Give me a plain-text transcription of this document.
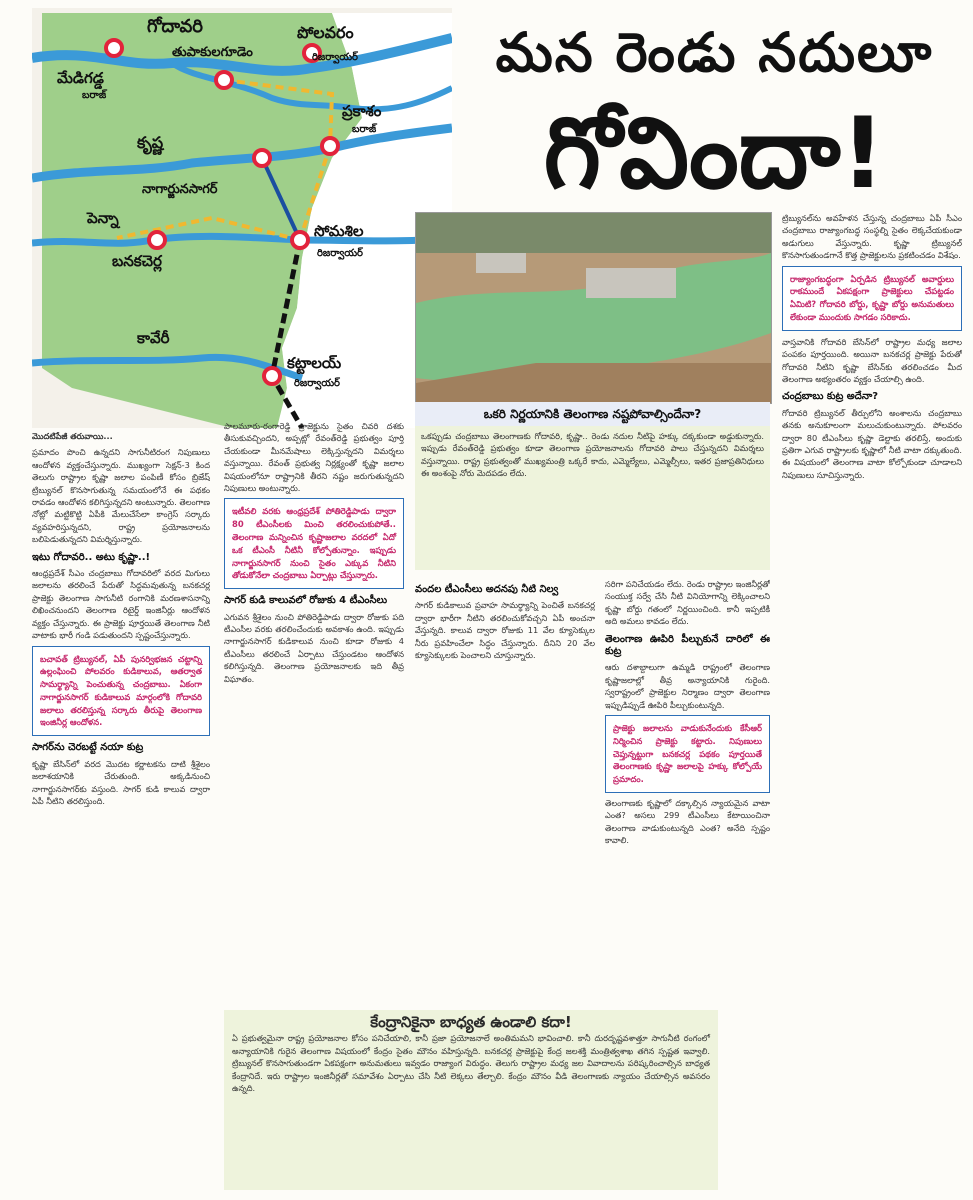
గోదావరి
తుపాకులగూడెం
పోలవరం
రిజర్వాయర్
మేడిగడ్డ
బరాజ్
ప్రకాశం
బరాజ్
కృష్ణ
నాగార్జునసాగర్
పెన్నా
సోమశిల
రిజర్వాయర్
బనకచెర్ల
కావేరీ
కట్టాలయ్
రిజర్వాయర్
మన రెండు నదులూ
గోవిందా!
ఒకరి నిర్ణయానికి తెలంగాణ నష్టపోవాల్సిందేనా?

ఒకప్పుడు చంద్రబాబు తెలంగాణకు గోదావరి, కృష్ణా.. రెండు నదుల నీటిపై హక్కు దక్కకుండా అడ్డుకున్నారు. ఇప్పుడు రేవంత్‌రెడ్డి ప్రభుత్వం కూడా తెలంగాణ ప్రయోజనాలను గోదావరి పాలు చేస్తున్నదని విమర్శలు వస్తున్నాయి. రాష్ట్ర ప్రభుత్వంతో ముఖ్యమంత్రి ఒక్కరే కాదు, ఎమ్మెల్యేలు, ఎమ్మెల్సీలు, ఇతర ప్రజాప్రతినిధులు ఈ అంశంపై నోరు మెదపడం లేదు.

మొదటిపేజీ తరువాయి...

ప్రమాదం పొంచి ఉన్నదని సాగునీటిరంగ నిపుణులు ఆందోళన వ్యక్తంచేస్తున్నారు. ముఖ్యంగా సెక్షన్-3 కింద తెలుగు రాష్ట్రాల కృష్ణా జలాల పంపిణీ కోసం బ్రిజేష్ ట్రిబ్యునల్ కొనసాగుతున్న సమయంలోనే ఈ పథకం రావడం ఆందోళన కలిగిస్తున్నదని అంటున్నారు. తెలంగాణ నోట్లో మట్టికొట్టి ఏపీకి మేలుచేసేలా కాంగ్రెస్ సర్కారు వ్యవహరిస్తున్నదని, రాష్ట్ర ప్రయోజనాలను బలిపెడుతున్నదని విమర్శిస్తున్నారు.

ఇటు గోదావరి.. అటు కృష్ణా..!

ఆంధ్రప్రదేశ్ సీఎం చంద్రబాబు గోదావరిలో వరద మిగులు జలాలను తరలించే పేరుతో సిద్ధమవుతున్న బనకచర్ల ప్రాజెక్టు తెలంగాణ సాగునీటి రంగానికి మరణశాసనాన్ని లిఖించనుందని తెలంగాణ రిటైర్డ్ ఇంజినీర్లు ఆందోళన వ్యక్తం చేస్తున్నారు. ఈ ప్రాజెక్టు పూర్తయితే తెలంగాణ నీటి వాటాకు భారీ గండి పడుతుందని స్పష్టంచేస్తున్నారు.

బచావత్ ట్రిబ్యునల్, ఏపీ పునర్విభజన చట్టాన్ని ఉల్లంఘించి పోలవరం కుడికాలువ, ఆతర్వాత సామర్థ్యాన్ని పెంచుతున్న చంద్రబాబు. ఏకంగా నాగార్జునసాగర్ కుడికాలువ మార్గంలోకి గోదావరి జలాలు తరలిస్తున్న సర్కారు తీరుపై తెలంగాణ ఇంజినీర్ల ఆందోళన.
సాగర్‌ను చెరబట్టే నయా కుట్ర

కృష్ణా బేసిన్‌లో వరద మొదట కర్ణాటకను దాటి శ్రీశైలం జలాశయానికి చేరుతుంది. అక్కడినుంచి నాగార్జునసాగర్‌కు వస్తుంది. సాగర్ కుడి కాలువ ద్వారా ఏపీ నీటిని తరలిస్తుంది.

పాలమూరు-రంగారెడ్డి ప్రాజెక్టును సైతం చివరి దశకు తీసుకువచ్చిందని, అప్పట్లో రేవంత్‌రెడ్డి ప్రభుత్వం పూర్తి చేయకుండా మీనమేషాలు లెక్కిస్తున్నదని విమర్శలు వస్తున్నాయి. రేవంత్ ప్రభుత్వ నిర్లక్ష్యంతో కృష్ణా జలాల విషయంలోనూ రాష్ట్రానికి తీరని నష్టం జరుగుతున్నదని నిపుణులు అంటున్నారు.

ఇటీవలి వరకు ఆంధ్రప్రదేశ్ పోతిరెడ్డిపాడు ద్వారా 80 టీఎంసీలకు మించి తరలించుకుపోతే.. తెలంగాణ మన్నించిన కృష్ణాజలాల వరదలో ఏదో ఒక టీఎంసీ నీటినీ కోల్పోతున్నాం. ఇప్పుడు నాగార్జునసాగర్ నుంచి సైతం ఎక్కువ నీటిని తోడుకోనేలా చంద్రబాబు ఏర్పాట్లు చేస్తున్నారు.
సాగర్ కుడి కాలువలో రోజుకు 4 టీఎంసీలు

ఎగువన శ్రీశైలం నుంచి పోతిరెడ్డిపాడు ద్వారా రోజుకు పది టీఎంసీల వరకు తరలించేందుకు అవకాశం ఉంది. ఇప్పుడు నాగార్జునసాగర్ కుడికాలువ నుంచి కూడా రోజుకు 4 టీఎంసీలు తరలించే ఏర్పాటు చేస్తుండటం ఆందోళన కలిగిస్తున్నది. తెలంగాణ ప్రయోజనాలకు ఇది తీవ్ర విఘాతం.

వందల టీఎంసీలు అదనపు నీటి నిల్వ

సాగర్ కుడికాలువ ప్రవాహ సామర్థ్యాన్ని పెంచితే బనకచర్ల ద్వారా భారీగా నీటిని తరలించుకోవచ్చని ఏపీ అంచనా వేస్తున్నది. కాలువ ద్వారా రోజుకు 11 వేల క్యూసెక్కుల నీరు ప్రవహించేలా సిద్ధం చేస్తున్నారు. దీనిని 20 వేల క్యూసెక్కులకు పెంచాలని చూస్తున్నారు.

సరిగా పనిచేయడం లేదు. రెండు రాష్ట్రాల ఇంజినీర్లతో సంయుక్త సర్వే చేసి నీటి వినియోగాన్ని లెక్కించాలని కృష్ణా బోర్డు గతంలో నిర్ణయించింది. కానీ ఇప్పటికీ అది అమలు కావడం లేదు.

తెలంగాణ ఊపిరి పీల్చుకునే దారిలో ఈ కుట్ర

ఆరు దశాబ్దాలుగా ఉమ్మడి రాష్ట్రంలో తెలంగాణ కృష్ణాజలాల్లో తీవ్ర అన్యాయానికి గురైంది. స్వరాష్ట్రంలో ప్రాజెక్టుల నిర్మాణం ద్వారా తెలంగాణ ఇప్పుడిప్పుడే ఊపిరి పీల్చుకుంటున్నది.

ప్రాజెక్టు జలాలను వాడుకునేందుకు కేసీఆర్ నిర్మించిన ప్రాజెక్టు కట్టారు. నిపుణులు చెప్తున్నట్టుగా బనకచర్ల పథకం పూర్తయితే తెలంగాణకు కృష్ణా జలాలపై హక్కు కోల్పోయే ప్రమాదం.

తెలంగాణకు కృష్ణాలో దక్కాల్సిన న్యాయమైన వాటా ఎంత? అసలు 299 టీఎంసీలు కేటాయించినా తెలంగాణ వాడుకుంటున్నది ఎంత? అనేది స్పష్టం కావాలి.

ట్రిబ్యునల్‌ను అవహేళన చేస్తున్న చంద్రబాబు ఏపీ సీఎం చంద్రబాబు రాజ్యాంగబద్ధ సంస్థల్ని సైతం లెక్కచేయకుండా అడుగులు వేస్తున్నారు. కృష్ణా ట్రిబ్యునల్ కొనసాగుతుండగానే కొత్త ప్రాజెక్టులను ప్రకటించడం విశేషం.

రాజ్యాంగబద్ధంగా ఏర్పడిన ట్రిబ్యునల్ అవార్డులు రాకముందే ఏకపక్షంగా ప్రాజెక్టులు చేపట్టడం ఏమిటి? గోదావరి బోర్డు, కృష్ణా బోర్డు అనుమతులు లేకుండా ముందుకు సాగడం సరికాదు.

వాస్తవానికి గోదావరి బేసిన్‌లో రాష్ట్రాల మధ్య జలాల పంపకం పూర్తయింది. అయినా బనకచర్ల ప్రాజెక్టు పేరుతో గోదావరి నీటిని కృష్ణా బేసిన్‌కు తరలించడం మీద తెలంగాణ అభ్యంతరం వ్యక్తం చేయాల్సి ఉంది.

చంద్రబాబు కుట్ర అదేనా?

గోదావరి ట్రిబ్యునల్ తీర్పులోని అంశాలను చంద్రబాబు తనకు అనుకూలంగా మలుచుకుంటున్నారు. పోలవరం ద్వారా 80 టీఎంసీలు కృష్ణా డెల్టాకు తరలిస్తే, అందుకు ప్రతిగా ఎగువ రాష్ట్రాలకు కృష్ణాలో నీటి వాటా దక్కుతుంది. ఈ విషయంలో తెలంగాణ వాటా కోల్పోకుండా చూడాలని నిపుణులు సూచిస్తున్నారు.

కేంద్రానికైనా బాధ్యత ఉండాలి కదా!

ఏ ప్రభుత్వమైనా రాష్ట్ర ప్రయోజనాల కోసం పనిచేయాలి, కానీ ప్రజా ప్రయోజనాలే అంతిమమని భావించాలి. కానీ దురదృష్టవశాత్తూ సాగునీటి రంగంలో అన్యాయానికి గురైన తెలంగాణ విషయంలో కేంద్రం సైతం మౌనం వహిస్తున్నది. బనకచర్ల ప్రాజెక్టుపై కేంద్ర జలశక్తి మంత్రిత్వశాఖ తగిన స్పష్టత ఇవ్వాలి. ట్రిబ్యునల్ కొనసాగుతుండగా ఏకపక్షంగా అనుమతులు ఇవ్వడం రాజ్యాంగ విరుద్ధం. తెలుగు రాష్ట్రాల మధ్య జల వివాదాలను పరిష్కరించాల్సిన బాధ్యత కేంద్రానిదే. ఇరు రాష్ట్రాల ఇంజినీర్లతో సమావేశం ఏర్పాటు చేసి నీటి లెక్కలు తేల్చాలి. కేంద్రం మౌనం వీడి తెలంగాణకు న్యాయం చేయాల్సిన అవసరం ఉన్నది.
